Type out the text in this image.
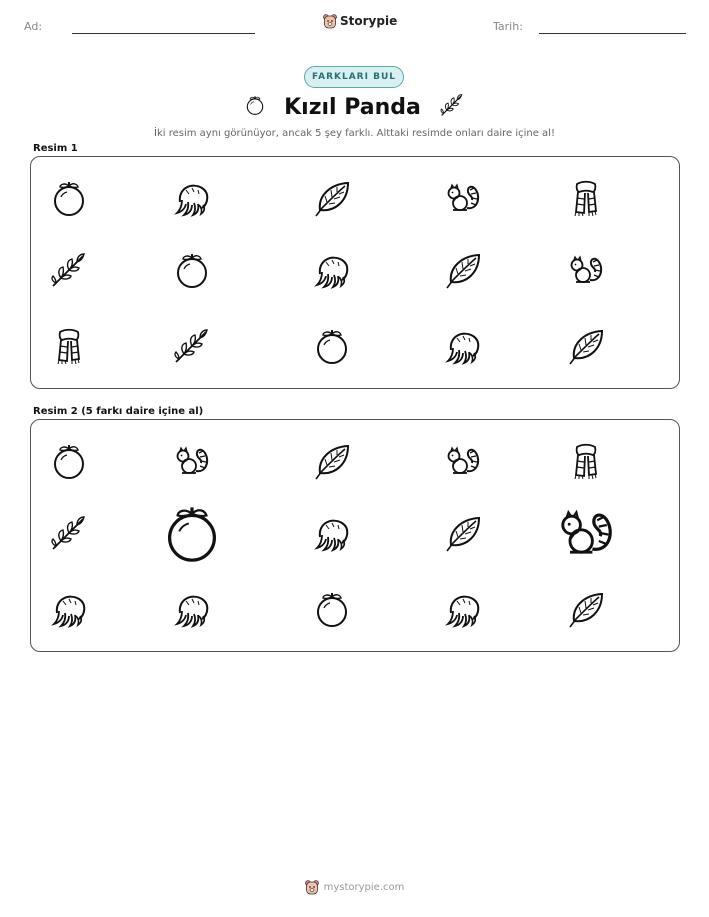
Ad:	Storypie	Tarih:
FARKLARI BUL
Kızıl Panda
İki resim aynı görünüyor, ancak 5 şey farklı. Alttaki resimde onları daire içine al!
Resim 1
Resim 2 (5 farkı daire içine al)
mystorypie.com
